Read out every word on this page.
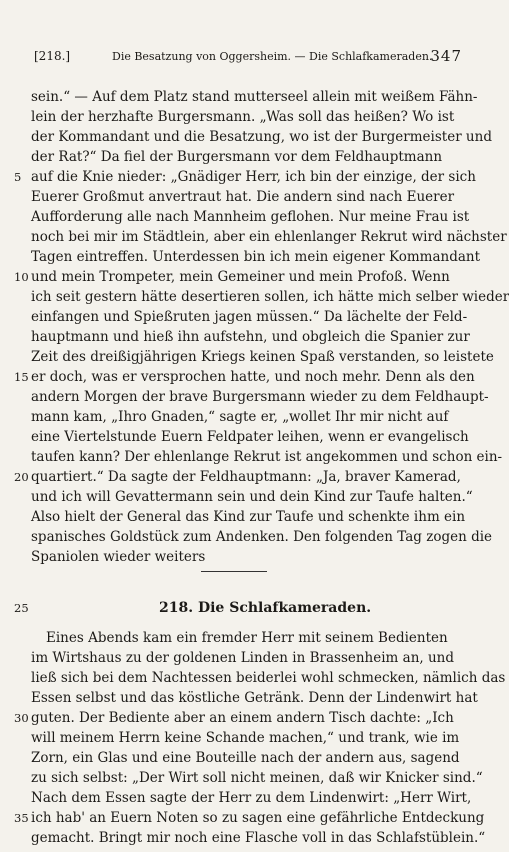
[218.]	Die Besatzung von Oggersheim. — Die Schlafkameraden.
347
sein.“ — Auf dem Platz stand mutterseel allein mit weißem Fähn-
lein der herzhafte Burgersmann. „Was soll das heißen? Wo ist
der Kommandant und die Besatzung, wo ist der Burgermeister und
der Rat?“ Da fiel der Burgersmann vor dem Feldhauptmann
5 auf die Knie nieder: „Gnädiger Herr, ich bin der einzige, der sich
Euerer Großmut anvertraut hat. Die andern sind nach Euerer
Aufforderung alle nach Mannheim geflohen. Nur meine Frau ist
noch bei mir im Städtlein, aber ein ehlenlanger Rekrut wird nächster
Tagen eintreffen. Unterdessen bin ich mein eigener Kommandant
10 und mein Trompeter, mein Gemeiner und mein Profoß. Wenn
ich seit gestern hätte desertieren sollen, ich hätte mich selber wieder
einfangen und Spießruten jagen müssen.“ Da lächelte der Feld-
hauptmann und hieß ihn aufstehn, und obgleich die Spanier zur
Zeit des dreißigjährigen Kriegs keinen Spaß verstanden, so leistete
15 er doch, was er versprochen hatte, und noch mehr. Denn als den
andern Morgen der brave Burgersmann wieder zu dem Feldhaupt-
mann kam, „Ihro Gnaden,“ sagte er, „wollet Ihr mir nicht auf
eine Viertelstunde Euern Feldpater leihen, wenn er evangelisch
taufen kann? Der ehlenlange Rekrut ist angekommen und schon ein-
20 quartiert.“ Da sagte der Feldhauptmann: „Ja, braver Kamerad,
und ich will Gevattermann sein und dein Kind zur Taufe halten.“
Also hielt der General das Kind zur Taufe und schenkte ihm ein
spanisches Goldstück zum Andenken. Den folgenden Tag zogen die
Spaniolen wieder weiters
25	218. Die Schlafkameraden.
Eines Abends kam ein fremder Herr mit seinem Bedienten
im Wirtshaus zu der goldenen Linden in Brassenheim an, und
ließ sich bei dem Nachtessen beiderlei wohl schmecken, nämlich das
Essen selbst und das köstliche Getränk. Denn der Lindenwirt hat
30 guten. Der Bediente aber an einem andern Tisch dachte: „Ich
will meinem Herrn keine Schande machen,“ und trank, wie im
Zorn, ein Glas und eine Bouteille nach der andern aus, sagend
zu sich selbst: „Der Wirt soll nicht meinen, daß wir Knicker sind.“
Nach dem Essen sagte der Herr zu dem Lindenwirt: „Herr Wirt,
35 ich hab' an Euern Noten so zu sagen eine gefährliche Entdeckung
gemacht. Bringt mir noch eine Flasche voll in das Schlafstüblein.“
